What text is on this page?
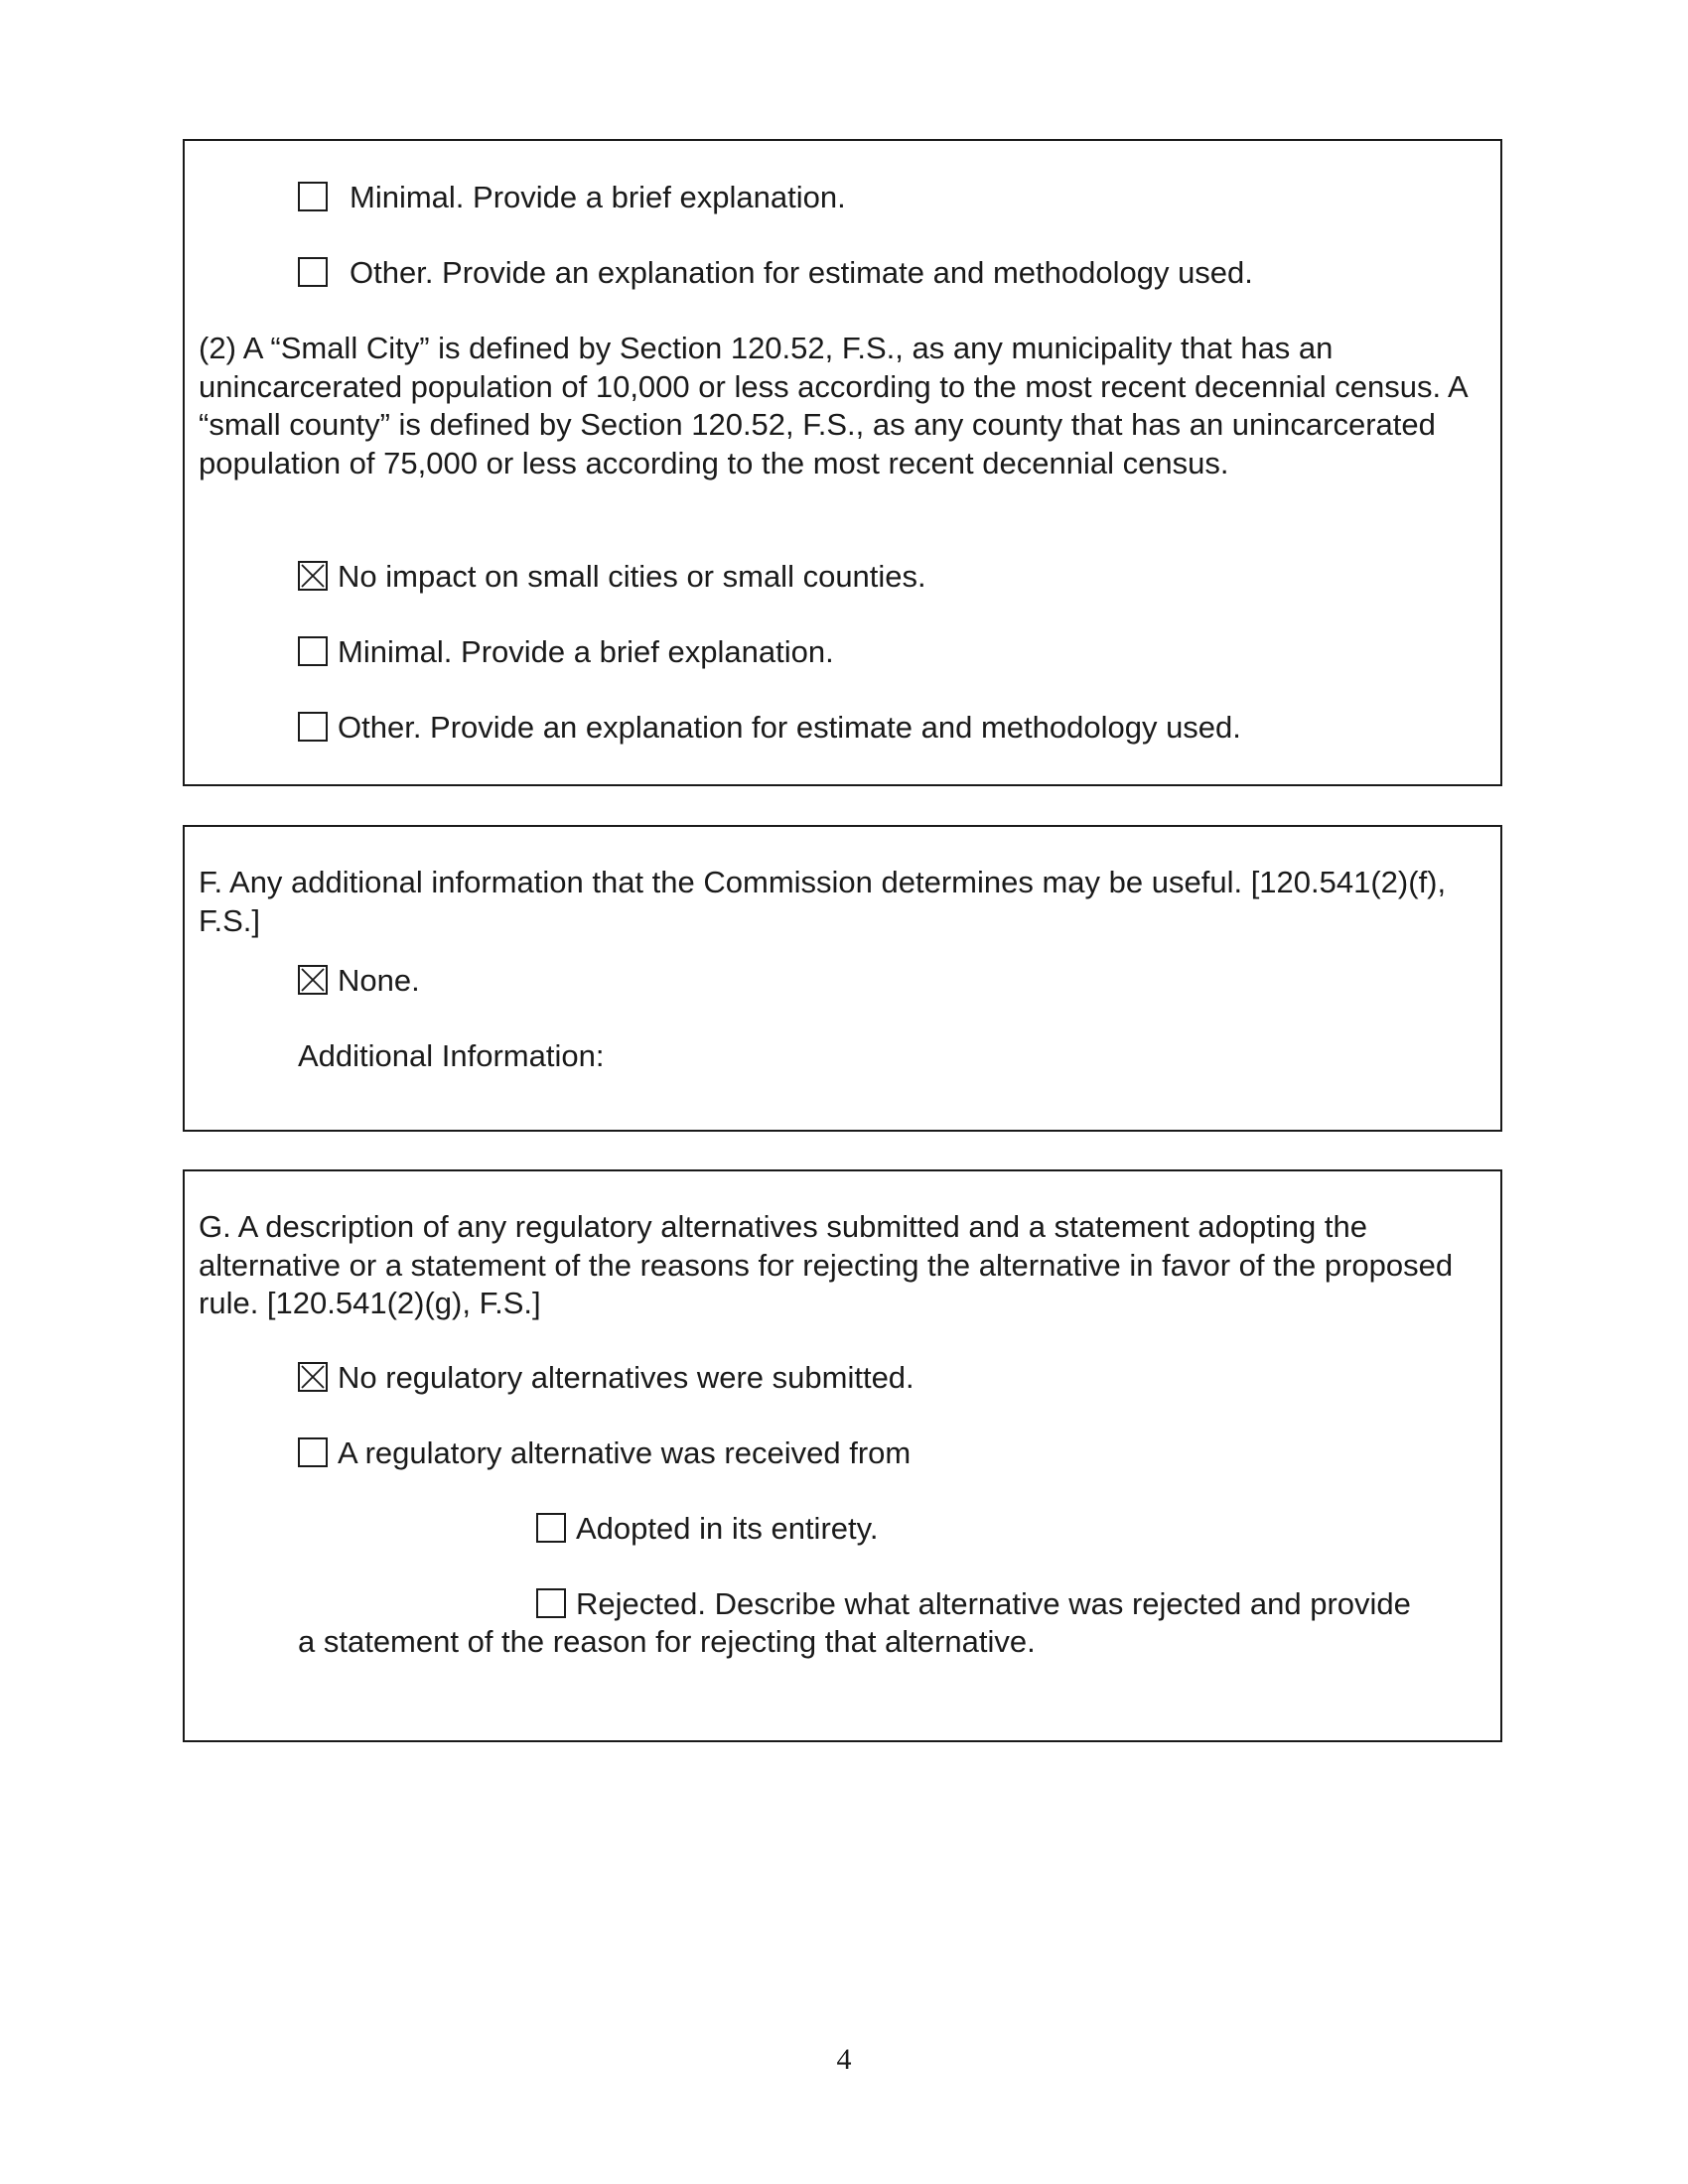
Minimal. Provide a brief explanation.
Other. Provide an explanation for estimate and methodology used.
(2) A “Small City” is defined by Section 120.52, F.S., as any municipality that has an unincarcerated population of 10,000 or less according to the most recent decennial census. A “small county” is defined by Section 120.52, F.S., as any county that has an unincarcerated population of 75,000 or less according to the most recent decennial census.
No impact on small cities or small counties.
Minimal. Provide a brief explanation.
Other. Provide an explanation for estimate and methodology used.
F. Any additional information that the Commission determines may be useful. [120.541(2)(f), F.S.]
None.
Additional Information:
G. A description of any regulatory alternatives submitted and a statement adopting the alternative or a statement of the reasons for rejecting the alternative in favor of the proposed rule. [120.541(2)(g), F.S.]
No regulatory alternatives were submitted.
A regulatory alternative was received from
Adopted in its entirety.
Rejected. Describe what alternative was rejected and provide
a statement of the reason for rejecting that alternative.
4
